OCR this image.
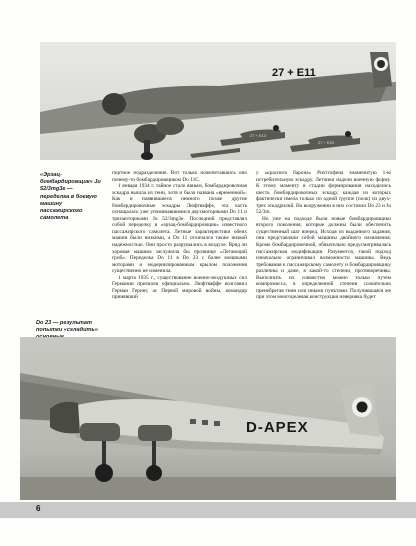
27 + E11
27 + E13
27 + E23
«Эрзац-бомбардировщик» Ju 52/3mg3e — переделка в боевую машину пассажирского самолета

портное подразделение. Вот только ножепетавшись оно почему-то бомбардировщиком Do 11C.

1 января 1934 г. тайное стало явным, бомбардировочная эскадра вышла из тени, хотя и была названа «временной». Как и появившиеся немного позже другие бомбардировочные эскадры Люфтваффе, эта часть оснащалась уже упоминавшимися двухмоторными Do 11 и трехмоторными Ju 52/3mg3e. Последний представлял собой переделку в «эрзац-бомбардировщик» известного пассажирского самолета. Летные характеристики обеих машин были низкими, а Do 11 отличался также низкой надежностью. Они просто разрушались в воздухе. Вряд ли хоровая машина заслужила бы прозвище «Летающий гроб». Переделка Do 11 в Do 23 с более мощными моторами и модернизированным крылом положения существенно не изменила.

1 марта 1935 г., существование военно-воздушных сил Германии признали официально. Люфтваффе возглавил Герман Геринг, ас Первой мировой войны, командир принявший

у «красного барона» Рихтгофена знаменитую 1-ю истребительную эскадру. Летчики надели военную форму. К этому моменту в стадии формирования находились шесть бомбардировочных эскадр, каждая из которых фактически имела только по одной группе (полк) из двух-трех эскадрилий. На вооружении в них состояли Do 23 и Ju 52/3m.

Но уже на подходе были новые бомбардировщики второго поколения, которые должны были обеспечить существенный шаг вперед. Исходя из выданного задания, они представляли собой машины двойного назначения. Кроме бомбардировочной, обязательно предусматривалась пассажирская модификация. Разумеется, такой подход изначально ограничивал возможности машины. Ведь требования к пассажирскому самолету и бомбардировщику различны и даже, в какой-то степени, противоречивы. Выполнить их совместно можно только путем компромисса, в определенной степени сознательно пренебрегая теми или иными пунктами. Получившаяся же при этом многоцелевая конструкция наверняка будет

Do 23 — результат попытки «сгладить»
D-APEX
6
